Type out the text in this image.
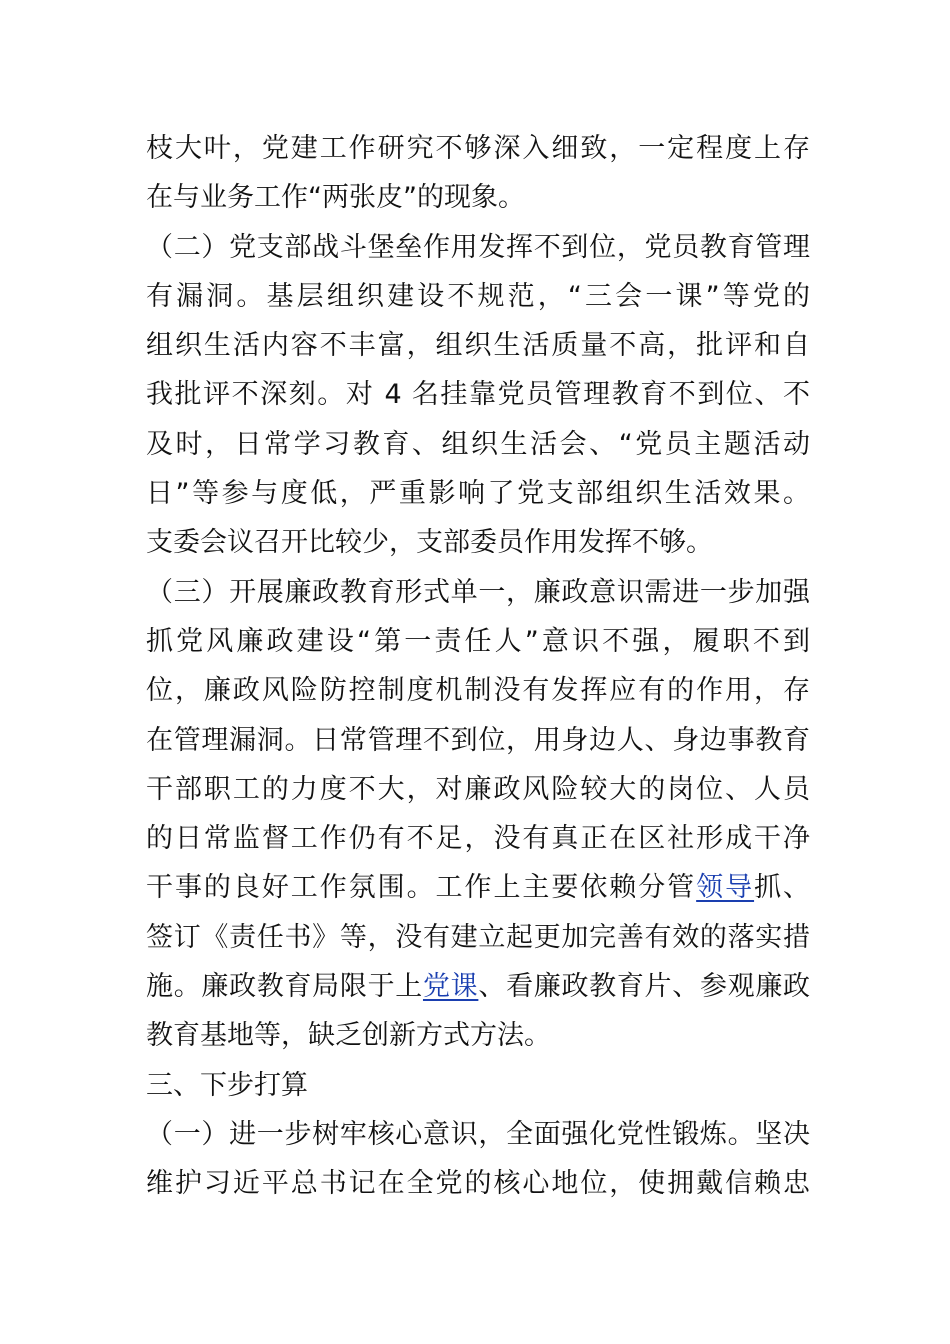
枝大叶，党建工作研究不够深入细致，一定程度上存
在与业务工作“两张皮”的现象。
（二）党支部战斗堡垒作用发挥不到位，党员教育管理
有漏洞。基层组织建设不规范，“三会一课”等党的
组织生活内容不丰富，组织生活质量不高，批评和自
我批评不深刻。对 4 名挂靠党员管理教育不到位、不
及时，日常学习教育、组织生活会、“党员主题活动
日”等参与度低，严重影响了党支部组织生活效果。
支委会议召开比较少，支部委员作用发挥不够。
（三）开展廉政教育形式单一，廉政意识需进一步加强
抓党风廉政建设“第一责任人”意识不强，履职不到
位，廉政风险防控制度机制没有发挥应有的作用，存
在管理漏洞。日常管理不到位，用身边人、身边事教育
干部职工的力度不大，对廉政风险较大的岗位、人员
的日常监督工作仍有不足，没有真正在区社形成干净
干事的良好工作氛围。工作上主要依赖分管领导抓、
签订《责任书》等，没有建立起更加完善有效的落实措
施。廉政教育局限于上党课、看廉政教育片、参观廉政
教育基地等，缺乏创新方式方法。
三、下步打算
（一）进一步树牢核心意识，全面强化党性锻炼。坚决
维护习近平总书记在全党的核心地位，使拥戴信赖忠
